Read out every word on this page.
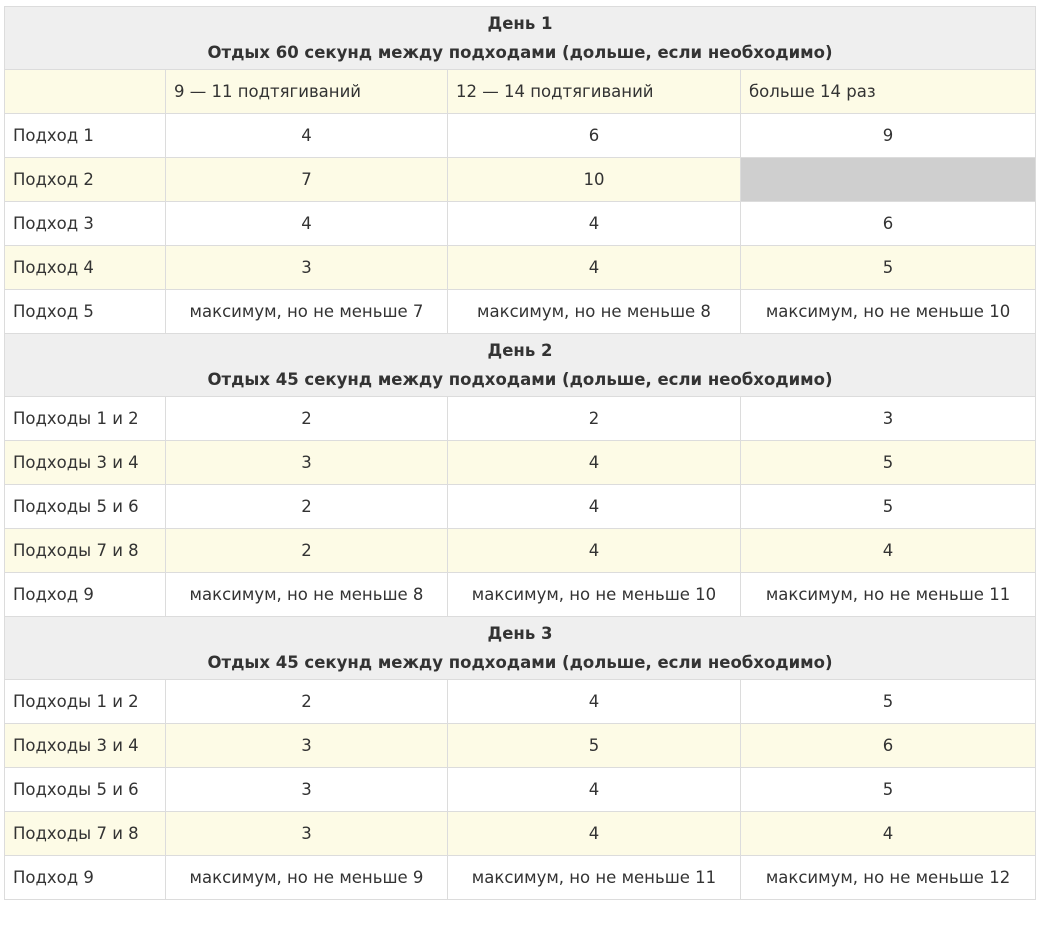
День 1
Отдых 60 секунд между подходами (дольше, если необходимо)			

	9 — 11 подтягиваний	12 — 14 подтягиваний	больше 14 раз
Подход 1	4	6	9
Подход 2	7	10	
Подход 3	4	4	6
Подход 4	3	4	5
Подход 5	максимум, но не меньше 7	максимум, но не меньше 8	максимум, но не меньше 10

День 2
Отдых 45 секунд между подходами (дольше, если необходимо)			

Подходы 1 и 2	2	2	3
Подходы 3 и 4	3	4	5
Подходы 5 и 6	2	4	5
Подходы 7 и 8	2	4	4
Подход 9	максимум, но не меньше 8	максимум, но не меньше 10	максимум, но не меньше 11

День 3
Отдых 45 секунд между подходами (дольше, если необходимо)			

Подходы 1 и 2	2	4	5
Подходы 3 и 4	3	5	6
Подходы 5 и 6	3	4	5
Подходы 7 и 8	3	4	4
Подход 9	максимум, но не меньше 9	максимум, но не меньше 11	максимум, но не меньше 12
